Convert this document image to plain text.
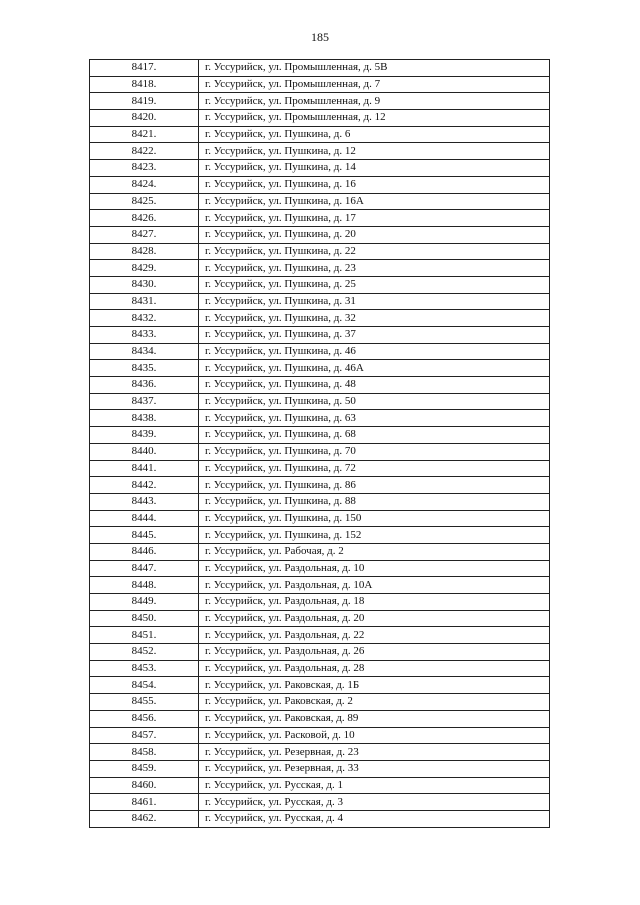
185
8417.	г. Уссурийск, ул. Промышленная, д. 5В
8418.	г. Уссурийск, ул. Промышленная, д. 7
8419.	г. Уссурийск, ул. Промышленная, д. 9
8420.	г. Уссурийск, ул. Промышленная, д. 12
8421.	г. Уссурийск, ул. Пушкина, д. 6
8422.	г. Уссурийск, ул. Пушкина, д. 12
8423.	г. Уссурийск, ул. Пушкина, д. 14
8424.	г. Уссурийск, ул. Пушкина, д. 16
8425.	г. Уссурийск, ул. Пушкина, д. 16А
8426.	г. Уссурийск, ул. Пушкина, д. 17
8427.	г. Уссурийск, ул. Пушкина, д. 20
8428.	г. Уссурийск, ул. Пушкина, д. 22
8429.	г. Уссурийск, ул. Пушкина, д. 23
8430.	г. Уссурийск, ул. Пушкина, д. 25
8431.	г. Уссурийск, ул. Пушкина, д. 31
8432.	г. Уссурийск, ул. Пушкина, д. 32
8433.	г. Уссурийск, ул. Пушкина, д. 37
8434.	г. Уссурийск, ул. Пушкина, д. 46
8435.	г. Уссурийск, ул. Пушкина, д. 46А
8436.	г. Уссурийск, ул. Пушкина, д. 48
8437.	г. Уссурийск, ул. Пушкина, д. 50
8438.	г. Уссурийск, ул. Пушкина, д. 63
8439.	г. Уссурийск, ул. Пушкина, д. 68
8440.	г. Уссурийск, ул. Пушкина, д. 70
8441.	г. Уссурийск, ул. Пушкина, д. 72
8442.	г. Уссурийск, ул. Пушкина, д. 86
8443.	г. Уссурийск, ул. Пушкина, д. 88
8444.	г. Уссурийск, ул. Пушкина, д. 150
8445.	г. Уссурийск, ул. Пушкина, д. 152
8446.	г. Уссурийск, ул. Рабочая, д. 2
8447.	г. Уссурийск, ул. Раздольная, д. 10
8448.	г. Уссурийск, ул. Раздольная, д. 10А
8449.	г. Уссурийск, ул. Раздольная, д. 18
8450.	г. Уссурийск, ул. Раздольная, д. 20
8451.	г. Уссурийск, ул. Раздольная, д. 22
8452.	г. Уссурийск, ул. Раздольная, д. 26
8453.	г. Уссурийск, ул. Раздольная, д. 28
8454.	г. Уссурийск, ул. Раковская, д. 1Б
8455.	г. Уссурийск, ул. Раковская, д. 2
8456.	г. Уссурийск, ул. Раковская, д. 89
8457.	г. Уссурийск, ул. Расковой, д. 10
8458.	г. Уссурийск, ул. Резервная, д. 23
8459.	г. Уссурийск, ул. Резервная, д. 33
8460.	г. Уссурийск, ул. Русская, д. 1
8461.	г. Уссурийск, ул. Русская, д. 3
8462.	г. Уссурийск, ул. Русская, д. 4
